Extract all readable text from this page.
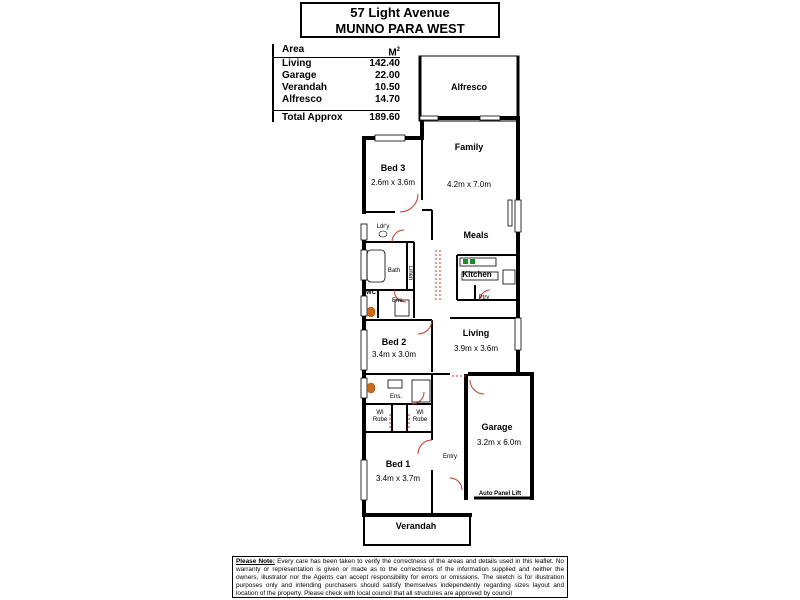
57 Light Avenue
MUNNO PARA WEST
Area	$M^2$
Living	142.40
Garage	22.00
Verandah	10.50
Alfresco	14.70
Total Approx	189.60
Alfresco
Family
4.2m x 7.0m
Bed 3
2.6m x 3.6m
Ldr'y
Meals
Bath Linen
WC
Ens.
Kitchen
Ptry
Bed 2
3.4m x 3.0m
Living
3.9m x 3.6m
Ens.
WI Robe
WI Robe
Garage
3.2m x 6.0m
Entry
Bed 1
3.4m x 3.7m
Auto Panel Lift
Verandah
Please Note: Every care has been taken to verify the correctness of the areas and details used in this leaflet. No warranty or representation is given or made as to the correctness of the information supplied and neither the owners, illustrator nor the Agents can accept responsibility for errors or omissions. The sketch is for illustration purposes only and intending purchasers should satisfy themselves independently regarding sizes layout and location of the property. Please check with local council that all structures are approved by council
